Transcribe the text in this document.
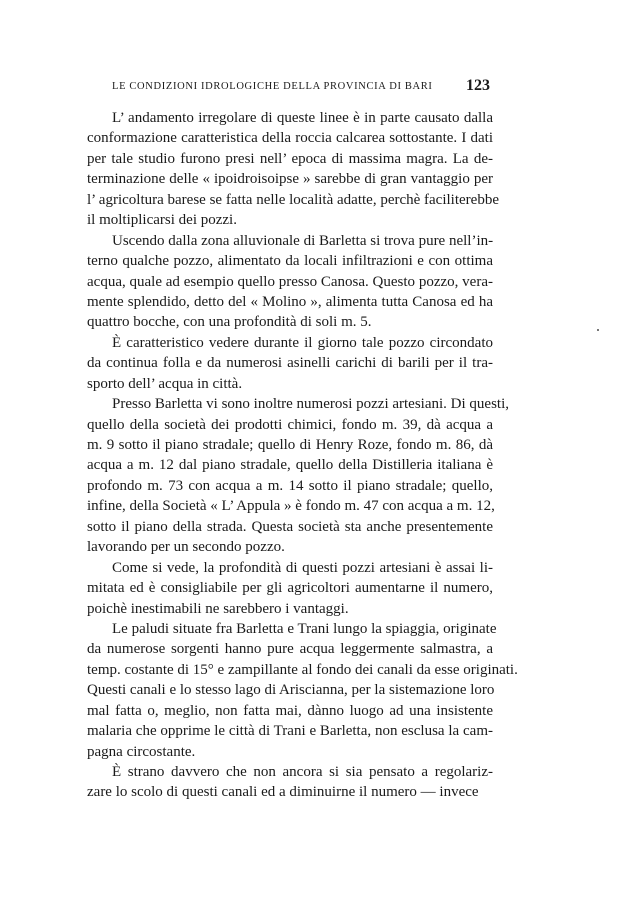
LE CONDIZIONI IDROLOGICHE DELLA PROVINCIA DI BARI 123
L’ andamento irregolare di queste linee è in parte causato dalla
conformazione caratteristica della roccia calcarea sottostante. I dati
per tale studio furono presi nell’ epoca di massima magra. La de-
terminazione delle « ipoidroisoipse » sarebbe di gran vantaggio per
l’ agricoltura barese se fatta nelle località adatte, perchè faciliterebbe
il moltiplicarsi dei pozzi.
Uscendo dalla zona alluvionale di Barletta si trova pure nell’in-
terno qualche pozzo, alimentato da locali infiltrazioni e con ottima
acqua, quale ad esempio quello presso Canosa. Questo pozzo, vera-
mente splendido, detto del « Molino », alimenta tutta Canosa ed ha
quattro bocche, con una profondità di soli m. 5.
È caratteristico vedere durante il giorno tale pozzo circondato
da continua folla e da numerosi asinelli carichi di barili per il tra-
sporto dell’ acqua in città.
Presso Barletta vi sono inoltre numerosi pozzi artesiani. Di questi,
quello della società dei prodotti chimici, fondo m. 39, dà acqua a
m. 9 sotto il piano stradale; quello di Henry Roze, fondo m. 86, dà
acqua a m. 12 dal piano stradale, quello della Distilleria italiana è
profondo m. 73 con acqua a m. 14 sotto il piano stradale; quello,
infine, della Società « L’ Appula » è fondo m. 47 con acqua a m. 12,
sotto il piano della strada. Questa società sta anche presentemente
lavorando per un secondo pozzo.
Come si vede, la profondità di questi pozzi artesiani è assai li-
mitata ed è consigliabile per gli agricoltori aumentarne il numero,
poichè inestimabili ne sarebbero i vantaggi.
Le paludi situate fra Barletta e Trani lungo la spiaggia, originate
da numerose sorgenti hanno pure acqua leggermente salmastra, a
temp. costante di 15° e zampillante al fondo dei canali da esse originati.
Questi canali e lo stesso lago di Ariscianna, per la sistemazione loro
mal fatta o, meglio, non fatta mai, dànno luogo ad una insistente
malaria che opprime le città di Trani e Barletta, non esclusa la cam-
pagna circostante.
È strano davvero che non ancora si sia pensato a regolariz-
zare lo scolo di questi canali ed a diminuirne il numero — invece
